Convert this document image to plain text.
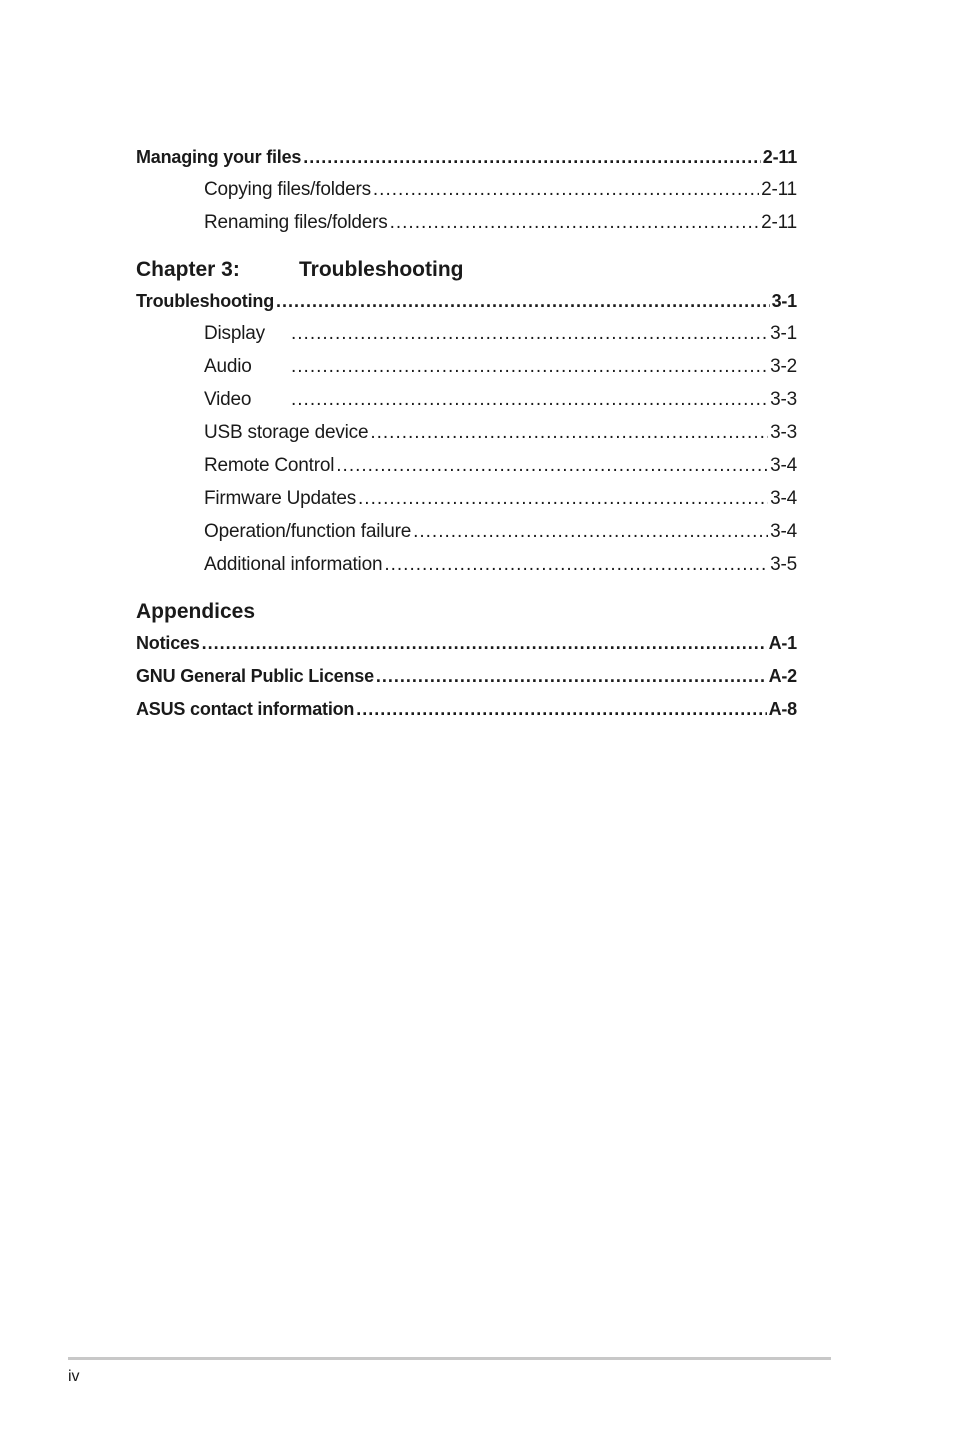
Managing your files .....	2-11
Copying files/folders .....	2-11
Renaming files/folders .....	2-11
Chapter 3:	Troubleshooting
Troubleshooting .....	3-1
Display .....	3-1
Audio .....	3-2
Video .....	3-3
USB storage device .....	3-3
Remote Control .....	3-4
Firmware Updates .....	3-4
Operation/function failure .....	3-4
Additional information .....	3-5
Appendices
Notices .....	A-1
GNU General Public License .....	A-2
ASUS contact information .....	A-8
iv
